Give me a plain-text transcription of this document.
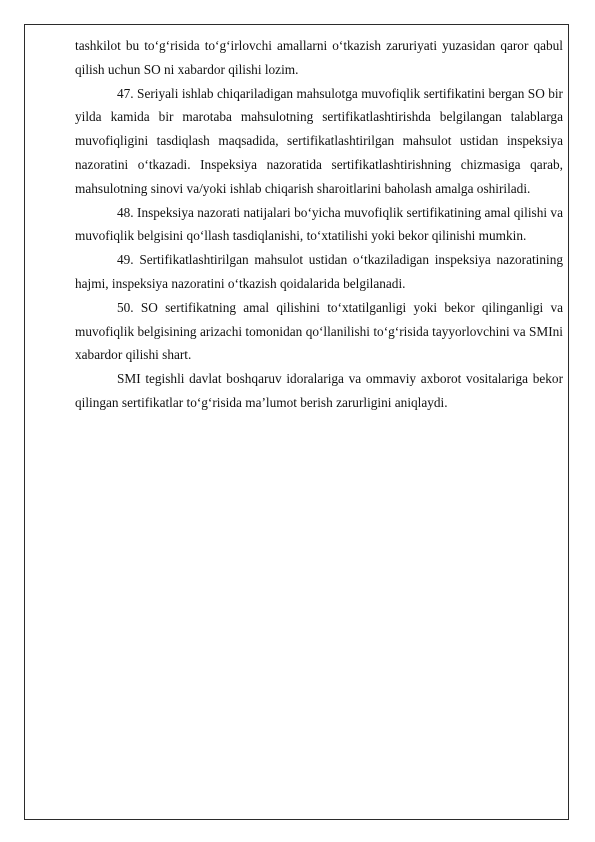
tashkilot bu to‘g‘risida to‘g‘irlovchi amallarni o‘tkazish zaruriyati yuzasidan qaror qabul qilish uchun SO ni xabardor qilishi lozim.

47. Seriyali ishlab chiqariladigan mahsulotga muvofiqlik sertifikatini bergan SO bir yilda kamida bir marotaba mahsulotning sertifikatlashtirishda belgilangan talablarga muvofiqligini tasdiqlash maqsadida, sertifikatlashtirilgan mahsulot ustidan inspeksiya nazoratini o‘tkazadi. Inspeksiya nazoratida sertifikatlashtirishning chizmasiga qarab, mahsulotning sinovi va/yoki ishlab chiqarish sharoitlarini baholash amalga oshiriladi.

48. Inspeksiya nazorati natijalari bo‘yicha muvofiqlik sertifikatining amal qilishi va muvofiqlik belgisini qo‘llash tasdiqlanishi, to‘xtatilishi yoki bekor qilinishi mumkin.

49. Sertifikatlashtirilgan mahsulot ustidan o‘tkaziladigan inspeksiya nazoratining hajmi, inspeksiya nazoratini o‘tkazish qoidalarida belgilanadi.

50. SO sertifikatning amal qilishini to‘xtatilganligi yoki bekor qilinganligi va muvofiqlik belgisining arizachi tomonidan qo‘llanilishi to‘g‘risida tayyorlovchini va SMIni xabardor qilishi shart.

SMI tegishli davlat boshqaruv idoralariga va ommaviy axborot vositalariga bekor qilingan sertifikatlar to‘g‘risida ma’lumot berish zarurligini aniqlaydi.
